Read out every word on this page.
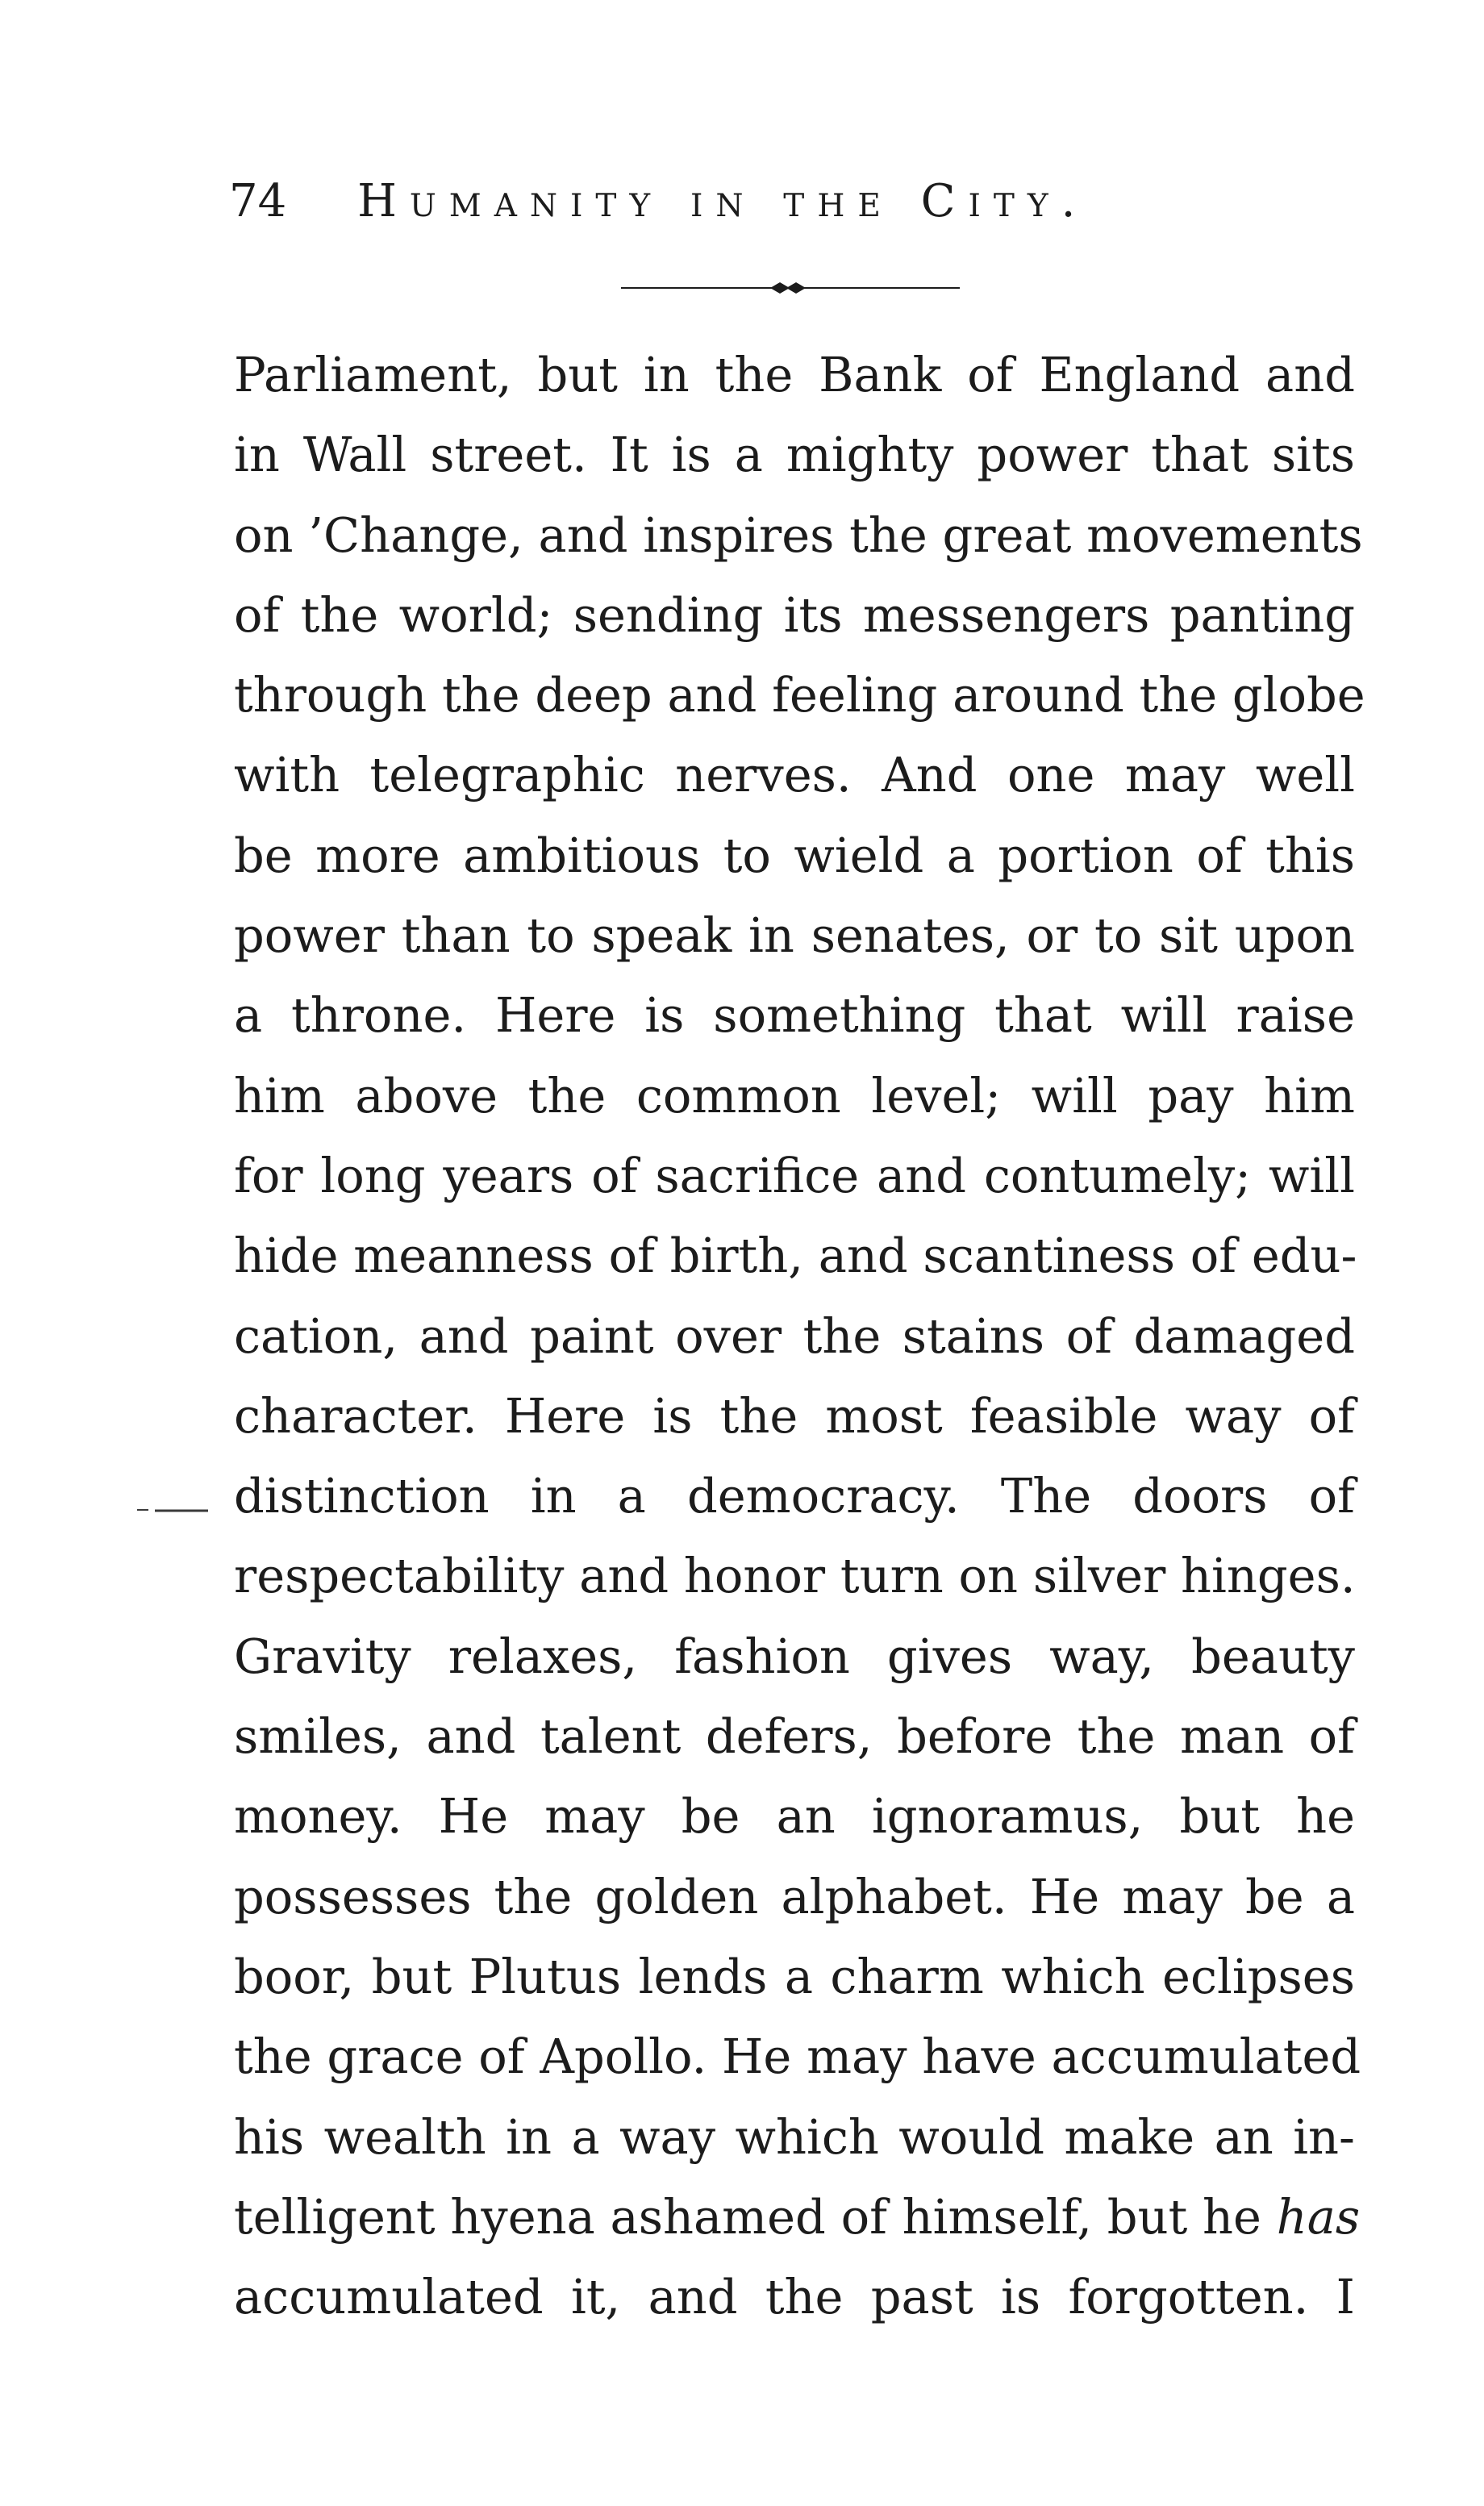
74 Humanity in the City.
Parliament, but in the Bank of England and
in Wall street. It is a mighty power that sits
on ’Change, and inspires the great movements
of the world; sending its messengers panting
through the deep and feeling around the globe
with telegraphic nerves. And one may well
be more ambitious to wield a portion of this
power than to speak in senates, or to sit upon
a throne. Here is something that will raise
him above the common level; will pay him
for long years of sacrifice and contumely; will
hide meanness of birth, and scantiness of edu-
cation, and paint over the stains of damaged
character. Here is the most feasible way of
distinction in a democracy. The doors of
respectability and honor turn on silver hinges.
Gravity relaxes, fashion gives way, beauty
smiles, and talent defers, before the man of
money. He may be an ignoramus, but he
possesses the golden alphabet. He may be a
boor, but Plutus lends a charm which eclipses
the grace of Apollo. He may have accumulated
his wealth in a way which would make an in-
telligent hyena ashamed of himself, but he has
accumulated it, and the past is forgotten. I
